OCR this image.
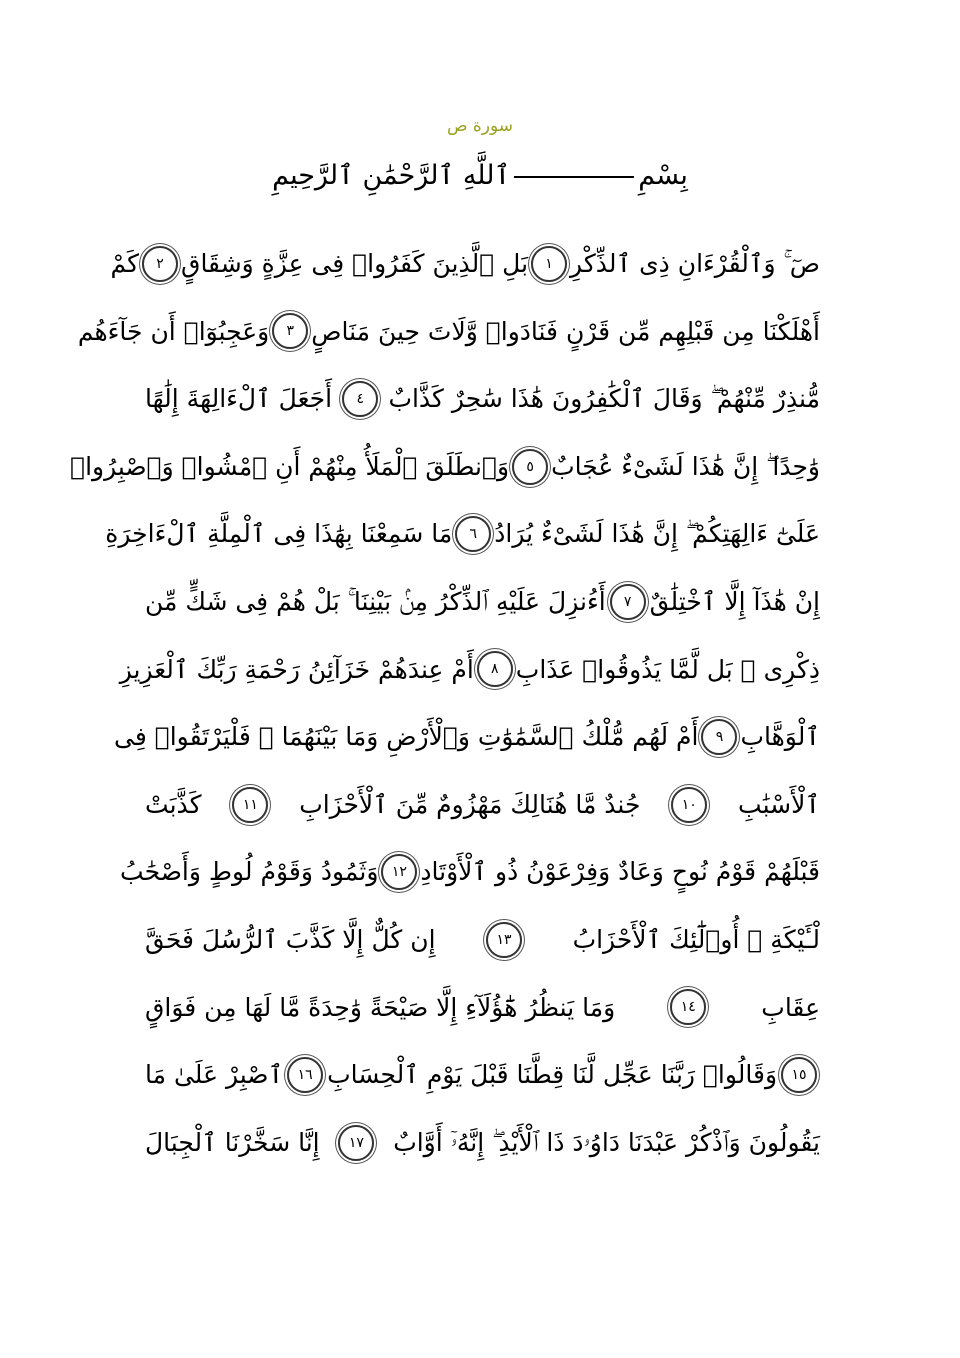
سورة ص
بِسْمِٱللَّهِ ٱلرَّحْمَٰنِ ٱلرَّحِيمِ
صٓ ۚ وَٱلْقُرْءَانِ ذِى ٱلذِّكْرِ
١
بَلِ ٱلَّذِينَ كَفَرُوا۟ فِى عِزَّةٍ وَشِقَاقٍ
٢
كَمْ
أَهْلَكْنَا مِن قَبْلِهِم مِّن قَرْنٍ فَنَادَوا۟ وَّلَاتَ حِينَ مَنَاصٍ
٣
وَعَجِبُوٓا۟ أَن جَآءَهُم
مُّنذِرٌ مِّنْهُمْ ۖ وَقَالَ ٱلْكَٰفِرُونَ هَٰذَا سَٰحِرٌ كَذَّابٌ
٤
أَجَعَلَ ٱلْءَالِهَةَ إِلَٰهًا
وَٰحِدًا ۖ إِنَّ هَٰذَا لَشَىْءٌ عُجَابٌ
٥
وَٱنطَلَقَ ٱلْمَلَأُ مِنْهُمْ أَنِ ٱمْشُوا۟ وَٱصْبِرُوا۟
عَلَىٰٓ ءَالِهَتِكُمْ ۖ إِنَّ هَٰذَا لَشَىْءٌ يُرَادُ
٦
مَا سَمِعْنَا بِهَٰذَا فِى ٱلْمِلَّةِ ٱلْءَاخِرَةِ
إِنْ هَٰذَآ إِلَّا ٱخْتِلَٰقٌ
٧
أَءُنزِلَ عَلَيْهِ ٱلذِّكْرُ مِنۢ بَيْنِنَا ۚ بَلْ هُمْ فِى شَكٍّ مِّن
ذِكْرِى ۖ بَل لَّمَّا يَذُوقُوا۟ عَذَابِ
٨
أَمْ عِندَهُمْ خَزَآئِنُ رَحْمَةِ رَبِّكَ ٱلْعَزِيزِ
ٱلْوَهَّابِ
٩
أَمْ لَهُم مُّلْكُ ٱلسَّمَٰوَٰتِ وَٱلْأَرْضِ وَمَا بَيْنَهُمَا ۖ فَلْيَرْتَقُوا۟ فِى
ٱلْأَسْبَٰبِ
١٠
جُندٌ مَّا هُنَالِكَ مَهْزُومٌ مِّنَ ٱلْأَحْزَابِ
١١
كَذَّبَتْ
قَبْلَهُمْ قَوْمُ نُوحٍ وَعَادٌ وَفِرْعَوْنُ ذُو ٱلْأَوْتَادِ
١٢
وَثَمُودُ وَقَوْمُ لُوطٍ وَأَصْحَٰبُ
لْـَٔيْكَةِ ۚ أُو۟لَٰٓئِكَ ٱلْأَحْزَابُ
١٣
إِن كُلٌّ إِلَّا كَذَّبَ ٱلرُّسُلَ فَحَقَّ
عِقَابِ
١٤
وَمَا يَنظُرُ هَٰٓؤُلَآءِ إِلَّا صَيْحَةً وَٰحِدَةً مَّا لَهَا مِن فَوَاقٍ
١٥
وَقَالُوا۟ رَبَّنَا عَجِّل لَّنَا قِطَّنَا قَبْلَ يَوْمِ ٱلْحِسَابِ
١٦
ٱصْبِرْ عَلَىٰ مَا
يَقُولُونَ وَٱذْكُرْ عَبْدَنَا دَاوُۥدَ ذَا ٱلْأَيْدِ ۖ إِنَّهُۥٓ أَوَّابٌ
١٧
إِنَّا سَخَّرْنَا ٱلْجِبَالَ
